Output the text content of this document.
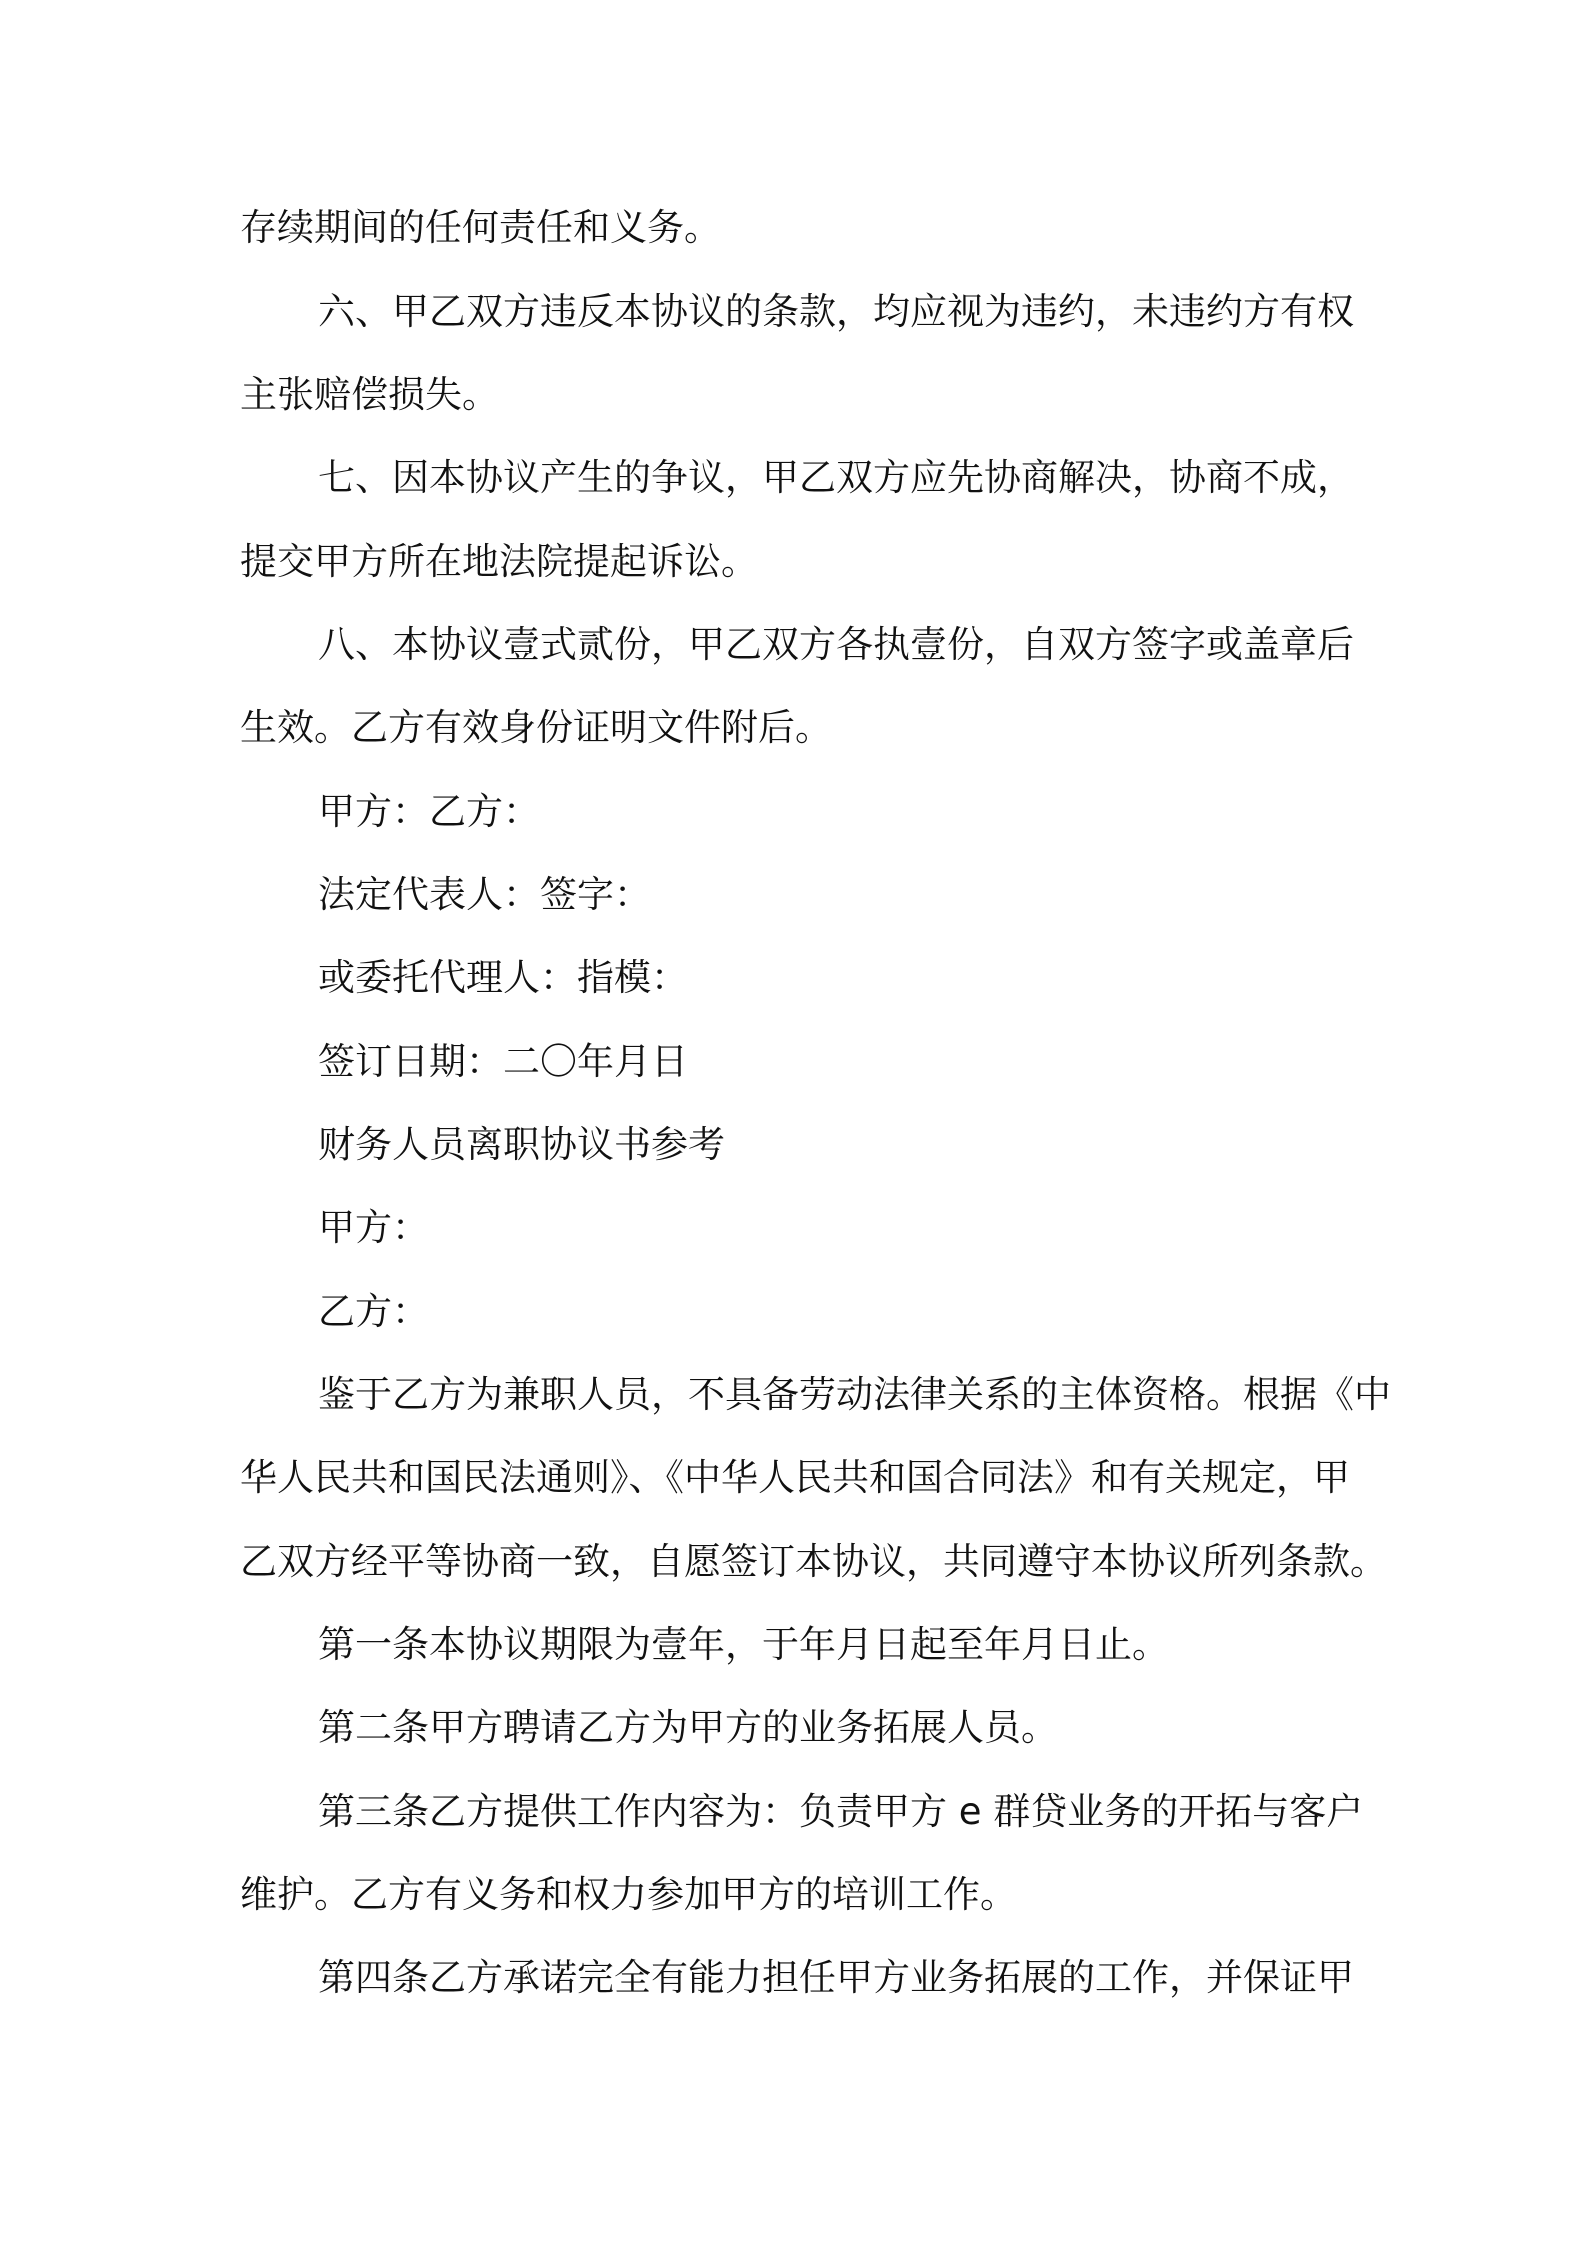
存续期间的任何责任和义务。

六、甲乙双方违反本协议的条款，均应视为违约，未违约方有权

主张赔偿损失。

七、因本协议产生的争议，甲乙双方应先协商解决，协商不成，

提交甲方所在地法院提起诉讼。

八、本协议壹式贰份，甲乙双方各执壹份，自双方签字或盖章后

生效。乙方有效身份证明文件附后。

甲方：乙方：

法定代表人：签字：

或委托代理人：指模：

签订日期：二〇年月日

财务人员离职协议书参考

甲方：

乙方：

鉴于乙方为兼职人员，不具备劳动法律关系的主体资格。根据《中

华人民共和国民法通则》、《中华人民共和国合同法》和有关规定，甲

乙双方经平等协商一致，自愿签订本协议，共同遵守本协议所列条款。

第一条本协议期限为壹年，于年月日起至年月日止。

第二条甲方聘请乙方为甲方的业务拓展人员。

第三条乙方提供工作内容为：负责甲方 e 群贷业务的开拓与客户

维护。乙方有义务和权力参加甲方的培训工作。

第四条乙方承诺完全有能力担任甲方业务拓展的工作，并保证甲
